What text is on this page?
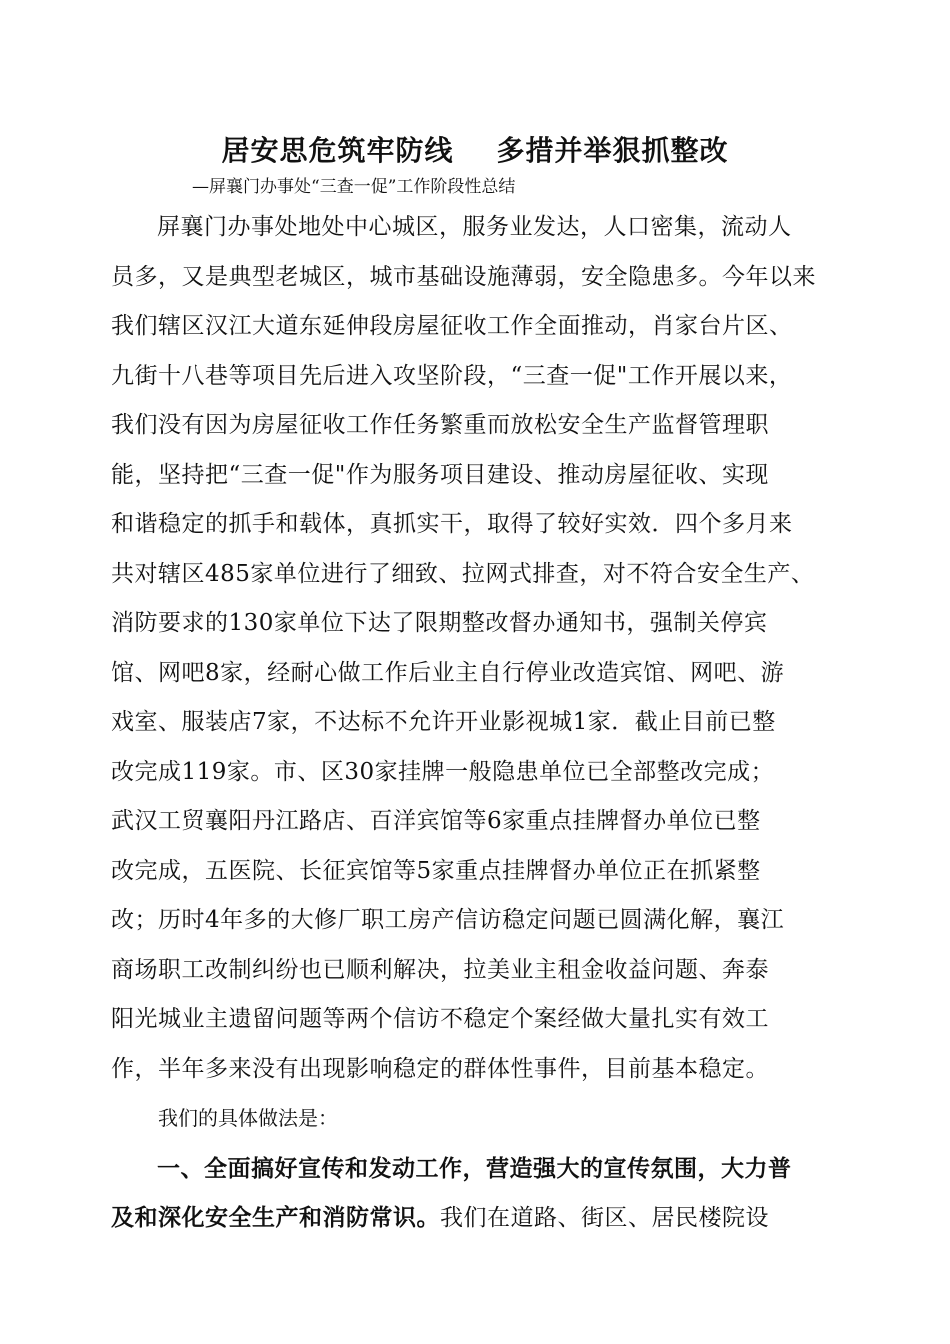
居安思危筑牢防线    多措并举狠抓整改
—屏襄门办事处“三查一促”工作阶段性总结
屏襄门办事处地处中心城区，服务业发达，人口密集，流动人
员多，又是典型老城区，城市基础设施薄弱，安全隐患多。今年以来
我们辖区汉江大道东延伸段房屋征收工作全面推动，肖家台片区、
九街十八巷等项目先后进入攻坚阶段，“三查一促"工作开展以来，
我们没有因为房屋征收工作任务繁重而放松安全生产监督管理职
能，坚持把“三查一促"作为服务项目建设、推动房屋征收、实现
和谐稳定的抓手和载体，真抓实干，取得了较好实效．四个多月来
共对辖区485家单位进行了细致、拉网式排查，对不符合安全生产、
消防要求的130家单位下达了限期整改督办通知书，强制关停宾
馆、网吧8家，经耐心做工作后业主自行停业改造宾馆、网吧、游
戏室、服装店7家，不达标不允许开业影视城1家．截止目前已整
改完成119家。市、区30家挂牌一般隐患单位已全部整改完成；
武汉工贸襄阳丹江路店、百洋宾馆等6家重点挂牌督办单位已整
改完成，五医院、长征宾馆等5家重点挂牌督办单位正在抓紧整
改；历时4年多的大修厂职工房产信访稳定问题已圆满化解，襄江
商场职工改制纠纷也已顺利解决，拉美业主租金收益问题、奔泰
阳光城业主遗留问题等两个信访不稳定个案经做大量扎实有效工
作，半年多来没有出现影响稳定的群体性事件，目前基本稳定。
我们的具体做法是：
一、全面搞好宣传和发动工作，营造强大的宣传氛围，大力普
及和深化安全生产和消防常识。我们在道路、街区、居民楼院设
